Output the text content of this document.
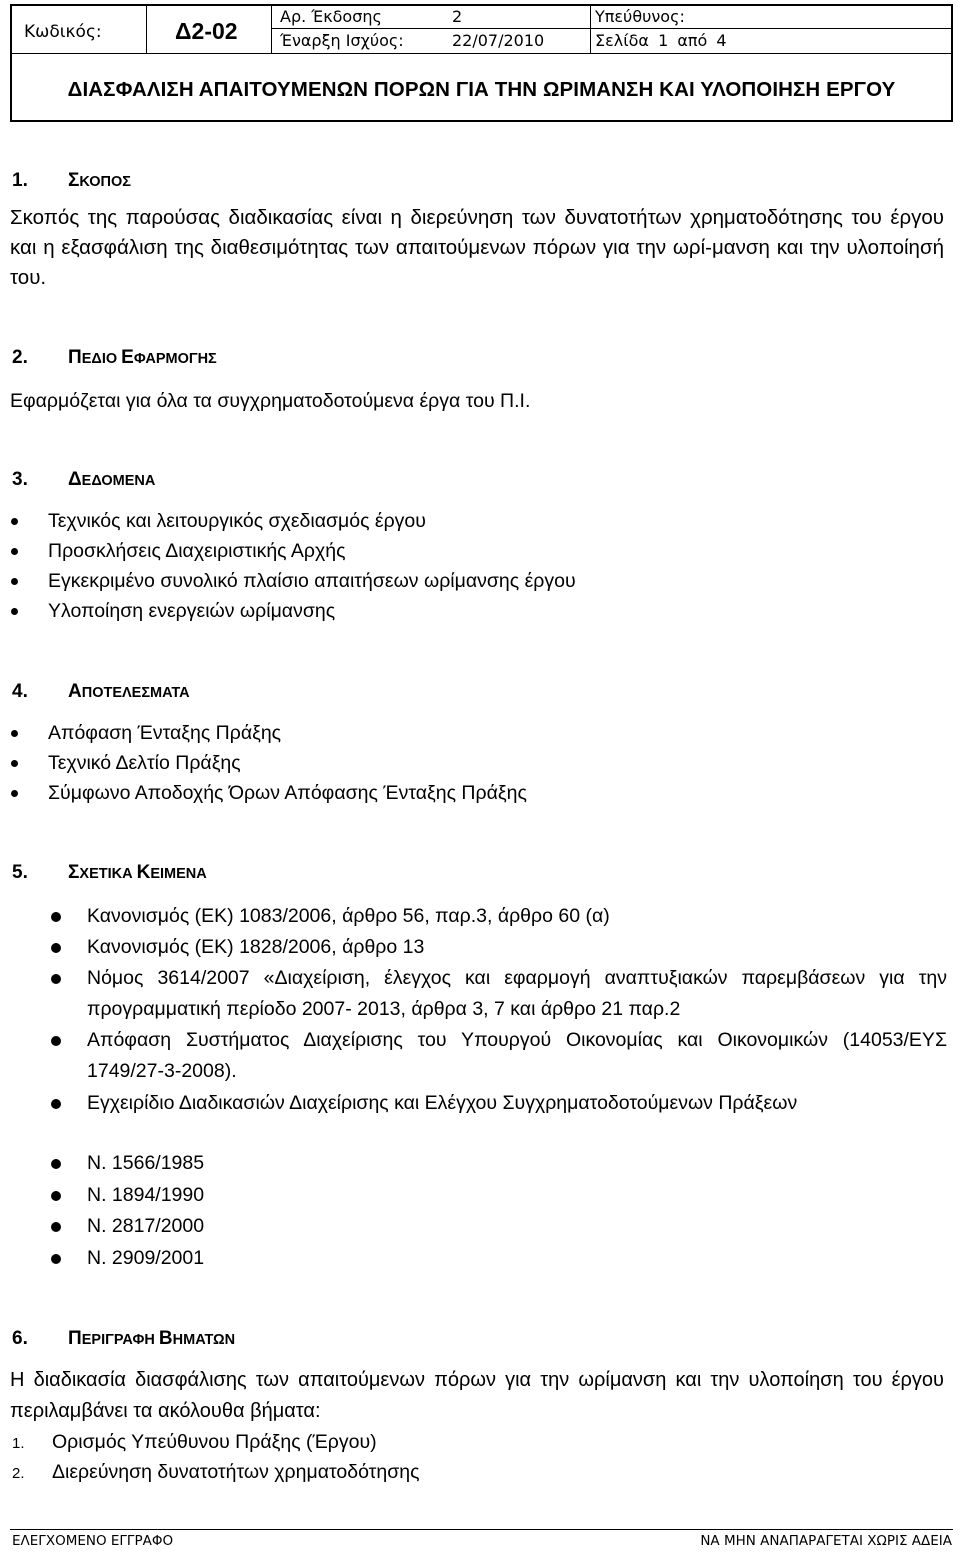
Κωδικός:	Δ2-02
Αρ. Έκδοσης	2	Υπεύθυνος:
Έναρξη Ισχύος:	22/07/2010	Σελίδα 1 από 4
ΔΙΑΣΦΑΛΙΣΗ ΑΠΑΙΤΟΥΜΕΝΩΝ ΠΟΡΩΝ ΓΙΑ ΤΗΝ ΩΡΙΜΑΝΣΗ ΚΑΙ ΥΛΟΠΟΙΗΣΗ ΕΡΓΟΥ
1. ΣΚΟΠΟΣ
Σκοπός της παρούσας διαδικασίας είναι η διερεύνηση των δυνατοτήτων χρηματοδότησης του έργου και η εξασφάλιση της διαθεσιμότητας των απαιτούμενων πόρων για την ωρί-μανση και την υλοποίησή του.
2. ΠΕΔΙΟ ΕΦΑΡΜΟΓΗΣ
Εφαρμόζεται για όλα τα συγχρηματοδοτούμενα έργα του Π.Ι.
3. ΔΕΔΟΜΕΝΑ
Τεχνικός και λειτουργικός σχεδιασμός έργου
Προσκλήσεις Διαχειριστικής Αρχής
Εγκεκριμένο συνολικό πλαίσιο απαιτήσεων ωρίμανσης έργου
Υλοποίηση ενεργειών ωρίμανσης
4. ΑΠΟΤΕΛΕΣΜΑΤΑ
Απόφαση Ένταξης Πράξης
Τεχνικό Δελτίο Πράξης
Σύμφωνο Αποδοχής Όρων Απόφασης Ένταξης Πράξης
5. ΣΧΕΤΙΚΑ ΚΕΙΜΕΝΑ
Κανονισμός (ΕΚ) 1083/2006, άρθρο 56, παρ.3, άρθρο 60 (α)
Κανονισμός (ΕΚ) 1828/2006, άρθρο 13
Νόμος 3614/2007 «Διαχείριση, έλεγχος και εφαρμογή αναπτυξιακών παρεμβάσεων για την προγραμματική περίοδο 2007- 2013, άρθρα 3, 7 και άρθρο 21 παρ.2
Απόφαση Συστήματος Διαχείρισης του Υπουργού Οικονομίας και Οικονομικών (14053/ΕΥΣ 1749/27-3-2008).
Εγχειρίδιο Διαδικασιών Διαχείρισης και Ελέγχου Συγχρηματοδοτούμενων Πράξεων
Ν. 1566/1985
Ν. 1894/1990
Ν. 2817/2000
Ν. 2909/2001
6. ΠΕΡΙΓΡΑΦΗ ΒΗΜΑΤΩΝ
Η διαδικασία διασφάλισης των απαιτούμενων πόρων για την ωρίμανση και την υλοποίηση του έργου περιλαμβάνει τα ακόλουθα βήματα:
1. Ορισμός Υπεύθυνου Πράξης (Έργου)
2. Διερεύνηση δυνατοτήτων χρηματοδότησης
ΕΛΕΓΧΟΜΕΝΟ ΕΓΓΡΑΦΟ	ΝΑ ΜΗΝ ΑΝΑΠΑΡΑΓΕΤΑΙ ΧΩΡΙΣ ΑΔΕΙΑ
